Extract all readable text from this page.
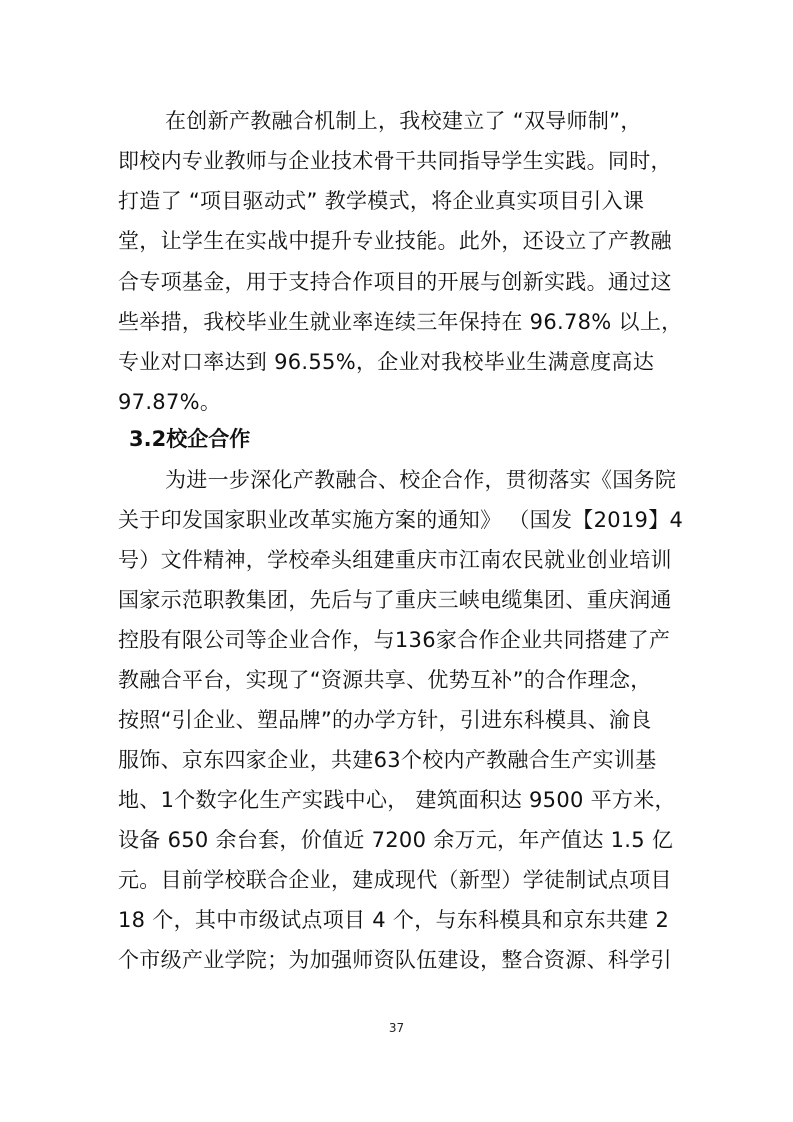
在创新产教融合机制上，我校建立了 “双导师制”，
即校内专业教师与企业技术骨干共同指导学生实践。同时，
打造了 “项目驱动式” 教学模式，将企业真实项目引入课
堂，让学生在实战中提升专业技能。此外，还设立了产教融
合专项基金，用于支持合作项目的开展与创新实践。通过这
些举措，我校毕业生就业率连续三年保持在 96.78% 以上，
专业对口率达到 96.55%，企业对我校毕业生满意度高达
97.87%。
3.2校企合作
为进一步深化产教融合、校企合作，贯彻落实《国务院
关于印发国家职业改革实施方案的通知》 （国发【2019】4
号）文件精神，学校牵头组建重庆市江南农民就业创业培训
国家示范职教集团，先后与了重庆三峡电缆集团、重庆润通
控股有限公司等企业合作，与136家合作企业共同搭建了产
教融合平台，实现了“资源共享、优势互补”的合作理念，
按照“引企业、塑品牌”的办学方针，引进东科模具、渝良
服饰、京东四家企业，共建63个校内产教融合生产实训基
地、1个数字化生产实践中心， 建筑面积达 9500 平方米，
设备 650 余台套，价值近 7200 余万元，年产值达 1.5 亿
元。目前学校联合企业，建成现代（新型）学徒制试点项目
18 个，其中市级试点项目 4 个，与东科模具和京东共建 2
个市级产业学院；为加强师资队伍建设，整合资源、科学引
37
